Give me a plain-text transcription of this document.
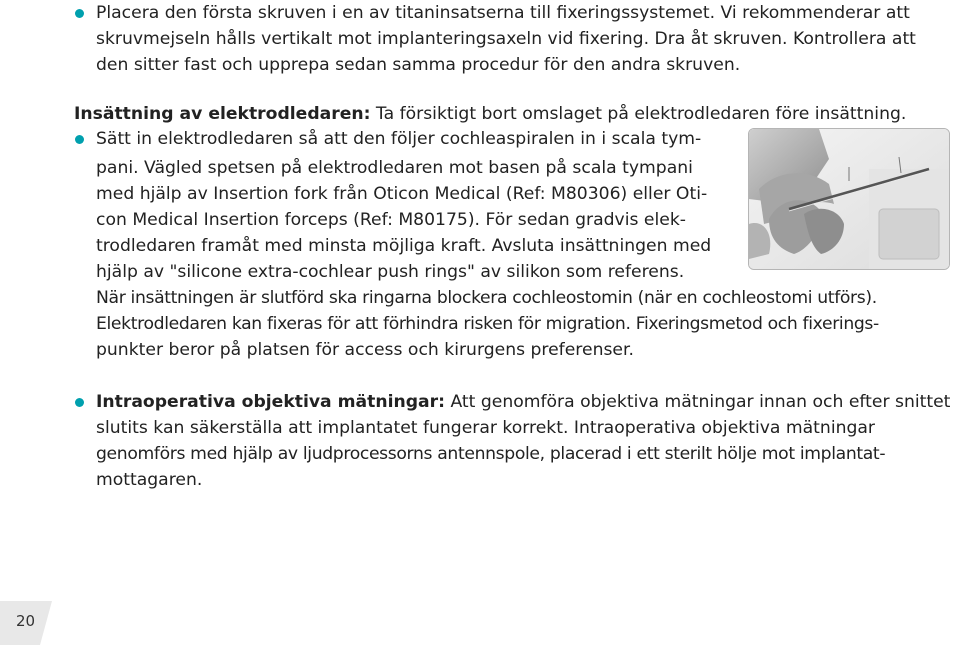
Placera den första skruven i en av titaninsatserna till fixeringssystemet. Vi rekommenderar att
skruvmejseln hålls vertikalt mot implanteringsaxeln vid fixering. Dra åt skruven. Kontrollera att
den sitter fast och upprepa sedan samma procedur för den andra skruven.
Insättning av elektrodledaren: Ta försiktigt bort omslaget på elektrodledaren före insättning.
Sätt in elektrodledaren så att den följer cochleaspiralen in i scala tym-
pani. Vägled spetsen på elektrodledaren mot basen på scala tympani
med hjälp av Insertion fork från Oticon Medical (Ref: M80306) eller Oti-
con Medical Insertion forceps (Ref: M80175). För sedan gradvis elek-
trodledaren framåt med minsta möjliga kraft. Avsluta insättningen med
hjälp av "silicone extra-cochlear push rings" av silikon som referens.
När insättningen är slutförd ska ringarna blockera cochleostomin (när en cochleostomi utförs).
Elektrodledaren kan fixeras för att förhindra risken för migration. Fixeringsmetod och fixerings-
punkter beror på platsen för access och kirurgens preferenser.
Intraoperativa objektiva mätningar: Att genomföra objektiva mätningar innan och efter snittet
slutits kan säkerställa att implantatet fungerar korrekt. Intraoperativa objektiva mätningar
genomförs med hjälp av ljudprocessorns antennspole, placerad i ett sterilt hölje mot implantat-
mottagaren.
20
